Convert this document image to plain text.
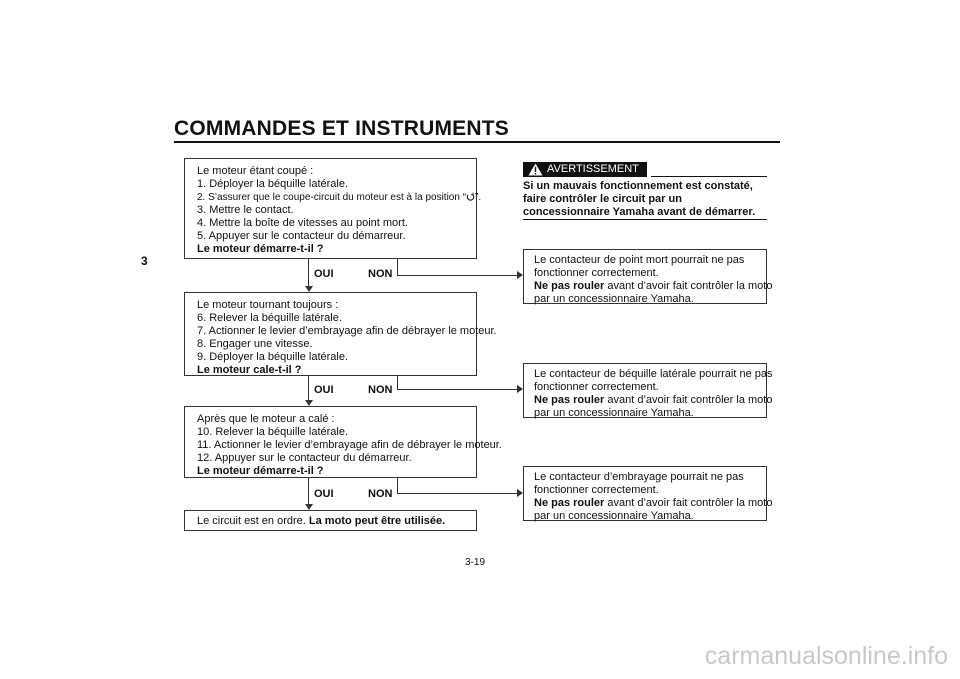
COMMANDES ET INSTRUMENTS
3
Le moteur étant coupé :
1. Déployer la béquille latérale.
2. S’assurer que le coupe-circuit du moteur est à la position “ ”.
3. Mettre le contact.
4. Mettre la boîte de vitesses au point mort.
5. Appuyer sur le contacteur du démarreur.
Le moteur démarre-t-il ?
Le moteur tournant toujours :
6. Relever la béquille latérale.
7. Actionner le levier d’embrayage afin de débrayer le moteur.
8. Engager une vitesse.
9. Déployer la béquille latérale.
Le moteur cale-t-il ?
Après que le moteur a calé :
10. Relever la béquille latérale.
11. Actionner le levier d’embrayage afin de débrayer le moteur.
12. Appuyer sur le contacteur du démarreur.
Le moteur démarre-t-il ?
Le circuit est en ordre. La moto peut être utilisée.
OUI	NON
OUI	NON
OUI	NON
AVERTISSEMENT
Si un mauvais fonctionnement est constaté, faire contrôler le circuit par un concessionnaire Yamaha avant de démarrer.
Le contacteur de point mort pourrait ne pas
fonctionner correctement.
Ne pas rouler avant d’avoir fait contrôler la moto
par un concessionnaire Yamaha.
Le contacteur de béquille latérale pourrait ne pas
fonctionner correctement.
Ne pas rouler avant d’avoir fait contrôler la moto
par un concessionnaire Yamaha.
Le contacteur d’embrayage pourrait ne pas
fonctionner correctement.
Ne pas rouler avant d’avoir fait contrôler la moto
par un concessionnaire Yamaha.
3-19
carmanualsonline.info
